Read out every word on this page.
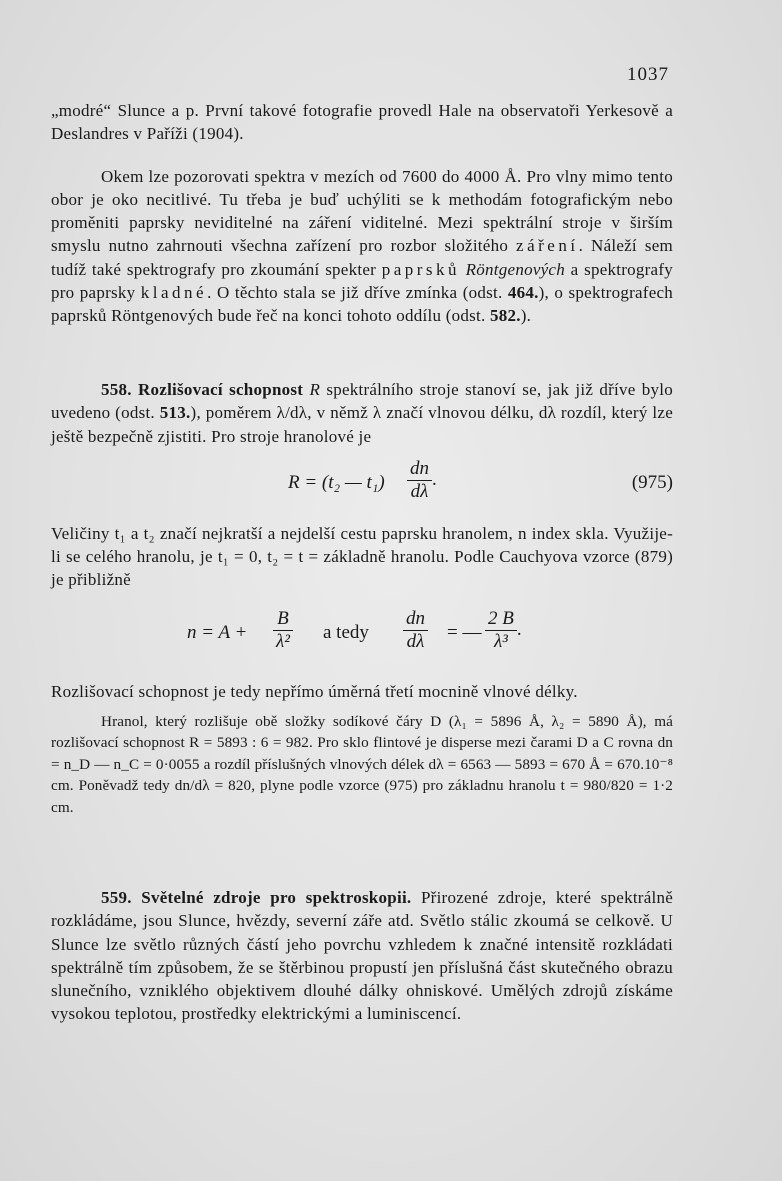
1037

„modré“ Slunce a p. První takové fotografie provedl Hale na observatoři Yerkesově a Deslandres v Paříži (1904).

Okem lze pozorovati spektra v mezích od 7600 do 4000 Å. Pro vlny mimo tento obor je oko necitlivé. Tu třeba je buď uchýliti se k methodám fotografickým nebo proměniti paprsky neviditelné na záření viditelné. Mezi spektrální stroje v širším smyslu nutno zahrnouti všechna zařízení pro rozbor složitého záření. Náleží sem tudíž také spektrografy pro zkoumání spekter paprsků Röntgenových a spektrografy pro paprsky kladné. O těchto stala se již dříve zmínka (odst. 464.), o spektrografech paprsků Röntgenových bude řeč na konci tohoto oddílu (odst. 582.).

558. Rozlišovací schopnost R spektrálního stroje stanoví se, jak již dříve bylo uvedeno (odst. 513.), poměrem λ/dλ, v němž λ značí vlnovou délku, dλ rozdíl, který lze ještě bezpečně zjistiti. Pro stroje hranolové je

R = (t₂ — $t_1) \frac{dn}{d\lambda}$ .	(975)

Veličiny t₁ a t₂ značí nejkratší a nejdelší cestu paprsku hranolem, n index skla. Využije-li se celého hranolu, je t₁ = 0, t₂ = t = základně hranolu. Podle Cauchyova vzorce (879) je přibližně

$n = A + \frac{B}{\text{λ²}}$ a tedy $\frac{dn}{d\lambda}$ = — $\frac{2 B}{\text{λ³}}$ .

Rozlišovací schopnost je tedy nepřímo úměrná třetí mocnině vlnové délky.

Hranol, který rozlišuje obě složky sodíkové čáry D (λ₁ = 5896 Å, λ₂ = 5890 Å), má rozlišovací schopnost R = 5893 : 6 = 982. Pro sklo flintové je disperse mezi čarami D a C rovna dn = n_D — n_C = 0·0055 a rozdíl příslušných vlnových délek dλ = 6563 — 5893 = 670 Å = 670.10⁻⁸ cm. Poněvadž tedy dn/dλ = 820, plyne podle vzorce (975) pro základnu hranolu t = 980/820 = 1·2 cm.

559. Světelné zdroje pro spektroskopii. Přirozené zdroje, které spektrálně rozkládáme, jsou Slunce, hvězdy, severní záře atd. Světlo stálic zkoumá se celkově. U Slunce lze světlo různých částí jeho povrchu vzhledem k značné intensitě rozkládati spektrálně tím způsobem, že se štěrbinou propustí jen příslušná část skutečného obrazu slunečního, vzniklého objektivem dlouhé dálky ohniskové. Umělých zdrojů získáme vysokou teplotou, prostředky elektrickými a luminiscencí.
